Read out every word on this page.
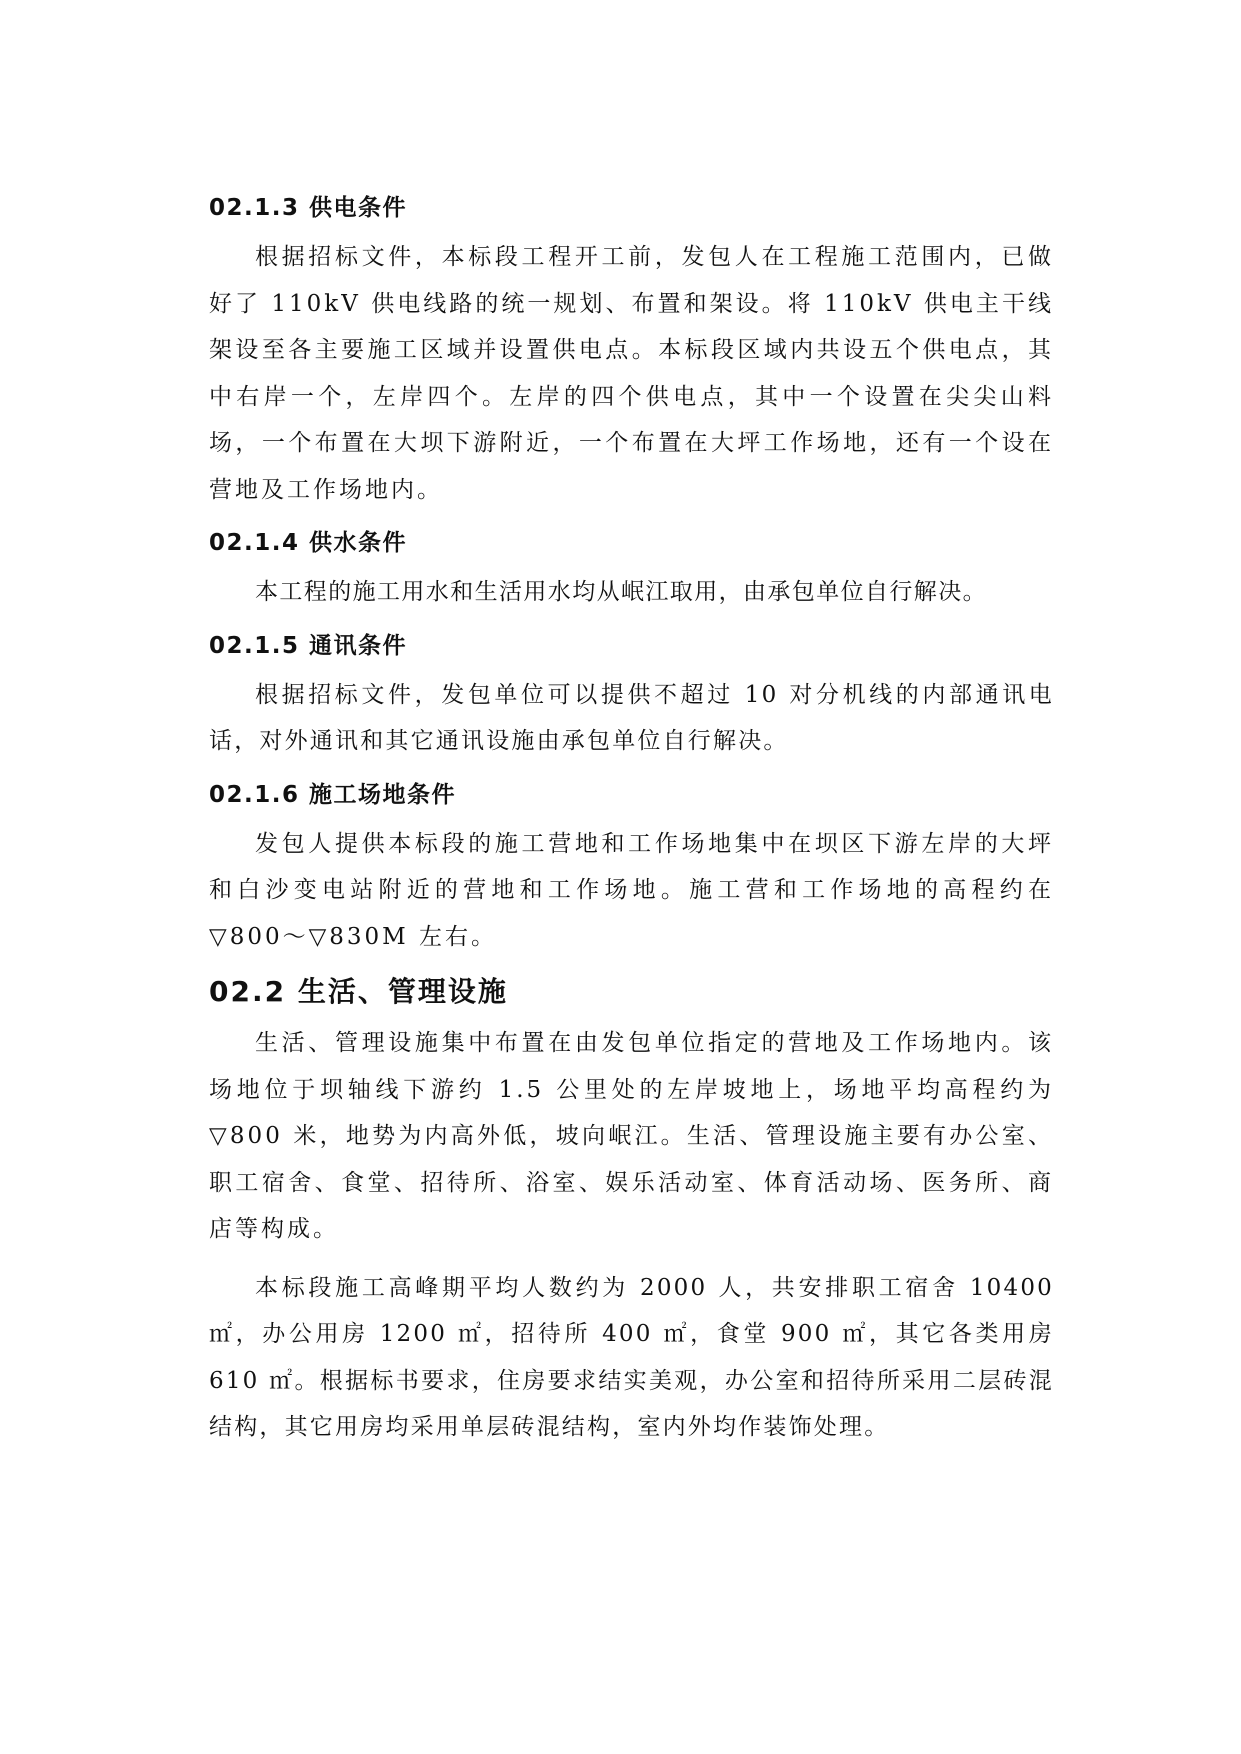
02.1.3 供电条件

根据招标文件，本标段工程开工前，发包人在工程施工范围内，已做好了 110kV 供电线路的统一规划、布置和架设。将 110kV 供电主干线架设至各主要施工区域并设置供电点。本标段区域内共设五个供电点，其中右岸一个，左岸四个。左岸的四个供电点，其中一个设置在尖尖山料场，一个布置在大坝下游附近，一个布置在大坪工作场地，还有一个设在营地及工作场地内。

02.1.4 供水条件

本工程的施工用水和生活用水均从岷江取用，由承包单位自行解决。

02.1.5 通讯条件

根据招标文件，发包单位可以提供不超过 10 对分机线的内部通讯电话，对外通讯和其它通讯设施由承包单位自行解决。

02.1.6 施工场地条件

发包人提供本标段的施工营地和工作场地集中在坝区下游左岸的大坪和白沙变电站附近的营地和工作场地。施工营和工作场地的高程约在▽800～▽830M 左右。

02.2 生活、管理设施

生活、管理设施集中布置在由发包单位指定的营地及工作场地内。该场地位于坝轴线下游约 1.5 公里处的左岸坡地上，场地平均高程约为▽800 米，地势为内高外低，坡向岷江。生活、管理设施主要有办公室、职工宿舍、食堂、招待所、浴室、娱乐活动室、体育活动场、医务所、商店等构成。

本标段施工高峰期平均人数约为 2000 人，共安排职工宿舍 10400㎡，办公用房 1200 ㎡，招待所 400 ㎡，食堂 900 ㎡，其它各类用房 610 ㎡。根据标书要求，住房要求结实美观，办公室和招待所采用二层砖混结构，其它用房均采用单层砖混结构，室内外均作装饰处理。
